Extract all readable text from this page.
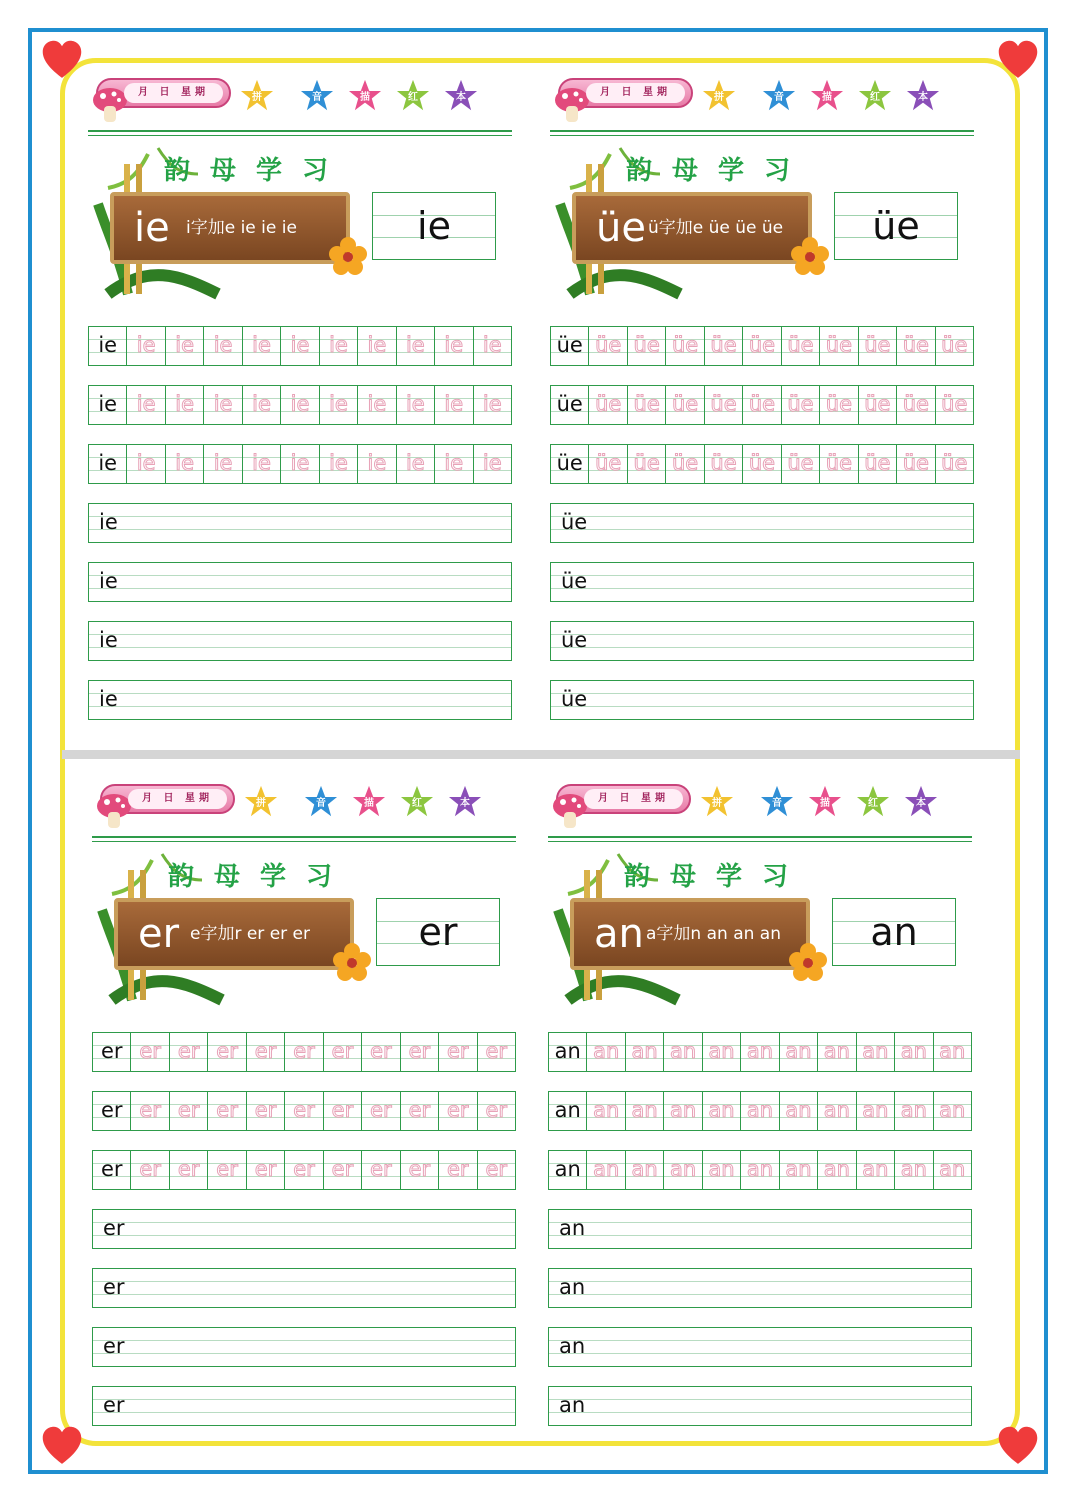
月 日 星期	拼	音	描	红	本
韵母学习
ie i字加e ie ie ie	ie
ie ie ie ie ie ie ie ie ie ie ie
ie ie ie ie ie ie ie ie ie ie ie
ie ie ie ie ie ie ie ie ie ie ie
ie
ie
ie
ie
月 日 星期	拼	音	描	红	本
韵母学习
üe ü字加e üe üe üe	üe
üe üe üe üe üe üe üe üe üe üe üe
üe üe üe üe üe üe üe üe üe üe üe
üe üe üe üe üe üe üe üe üe üe üe
üe
üe
üe
üe
月 日 星期	拼	音	描	红	本
韵母学习
er e字加r er er er	er
er er er er er er er er er er er
er er er er er er er er er er er
er er er er er er er er er er er
er
er
er
er
月 日 星期	拼	音	描	红	本
韵母学习
an a字加n an an an	an
an an an an an an an an an an an
an an an an an an an an an an an
an an an an an an an an an an an
an
an
an
an
